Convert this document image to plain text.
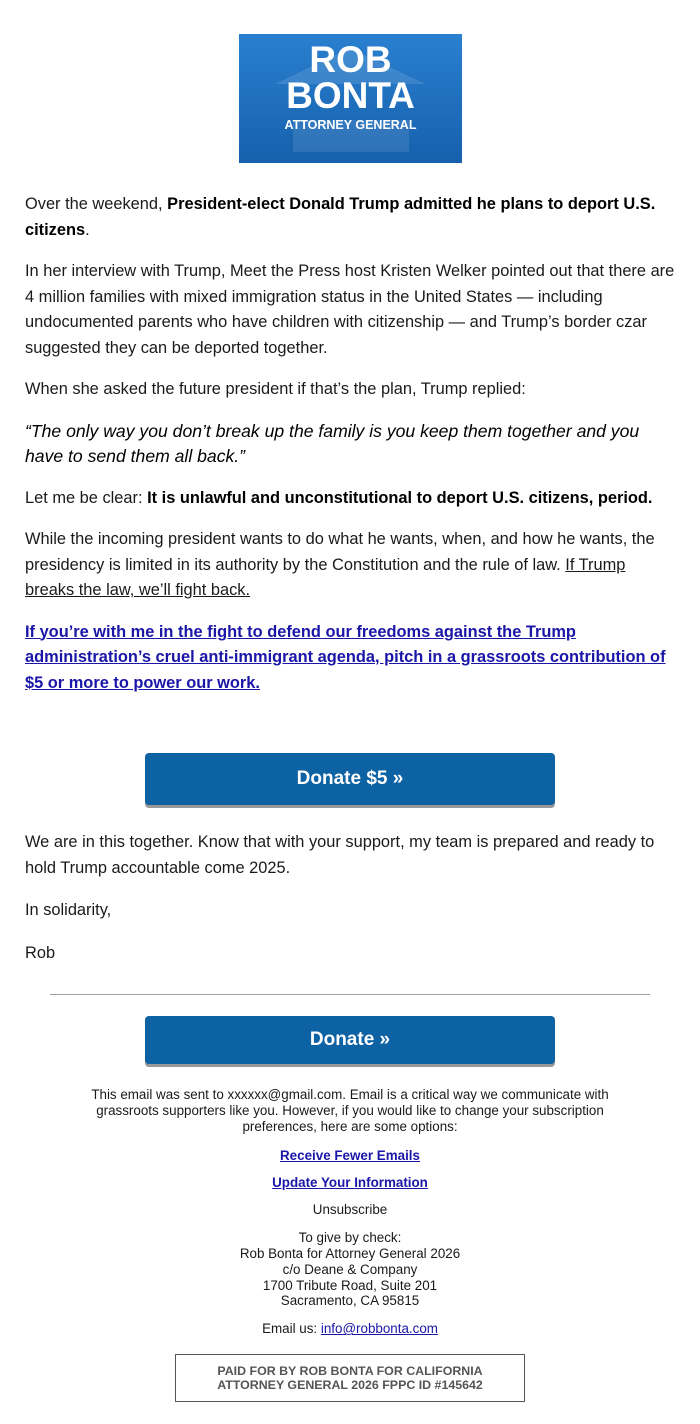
ROB
BONTA
ATTORNEY GENERAL

Over the weekend, President-elect Donald Trump admitted he plans to deport U.S. citizens.

In her interview with Trump, Meet the Press host Kristen Welker pointed out that there are 4 million families with mixed immigration status in the United States — including undocumented parents who have children with citizenship — and Trump’s border czar suggested they can be deported together.

When she asked the future president if that’s the plan, Trump replied:

“The only way you don’t break up the family is you keep them together and you have to send them all back.”

Let me be clear: It is unlawful and unconstitutional to deport U.S. citizens, period.

While the incoming president wants to do what he wants, when, and how he wants, the presidency is limited in its authority by the Constitution and the rule of law. If Trump breaks the law, we’ll fight back.

If you’re with me in the fight to defend our freedoms against the Trump administration’s cruel anti-immigrant agenda, pitch in a grassroots contribution of $5 or more to power our work.

Donate $5 »

We are in this together. Know that with your support, my team is prepared and ready to hold Trump accountable come 2025.

In solidarity,

Rob

Donate »
This email was sent to xxxxxx@gmail.com. Email is a critical way we communicate with grassroots supporters like you. However, if you would like to change your subscription preferences, here are some options:
Receive Fewer Emails
Update Your Information
Unsubscribe
To give by check:
Rob Bonta for Attorney General 2026
c/o Deane & Company
1700 Tribute Road, Suite 201
Sacramento, CA 95815
Email us: info@robbonta.com
PAID FOR BY ROB BONTA FOR CALIFORNIA
ATTORNEY GENERAL 2026 FPPC ID #145642
